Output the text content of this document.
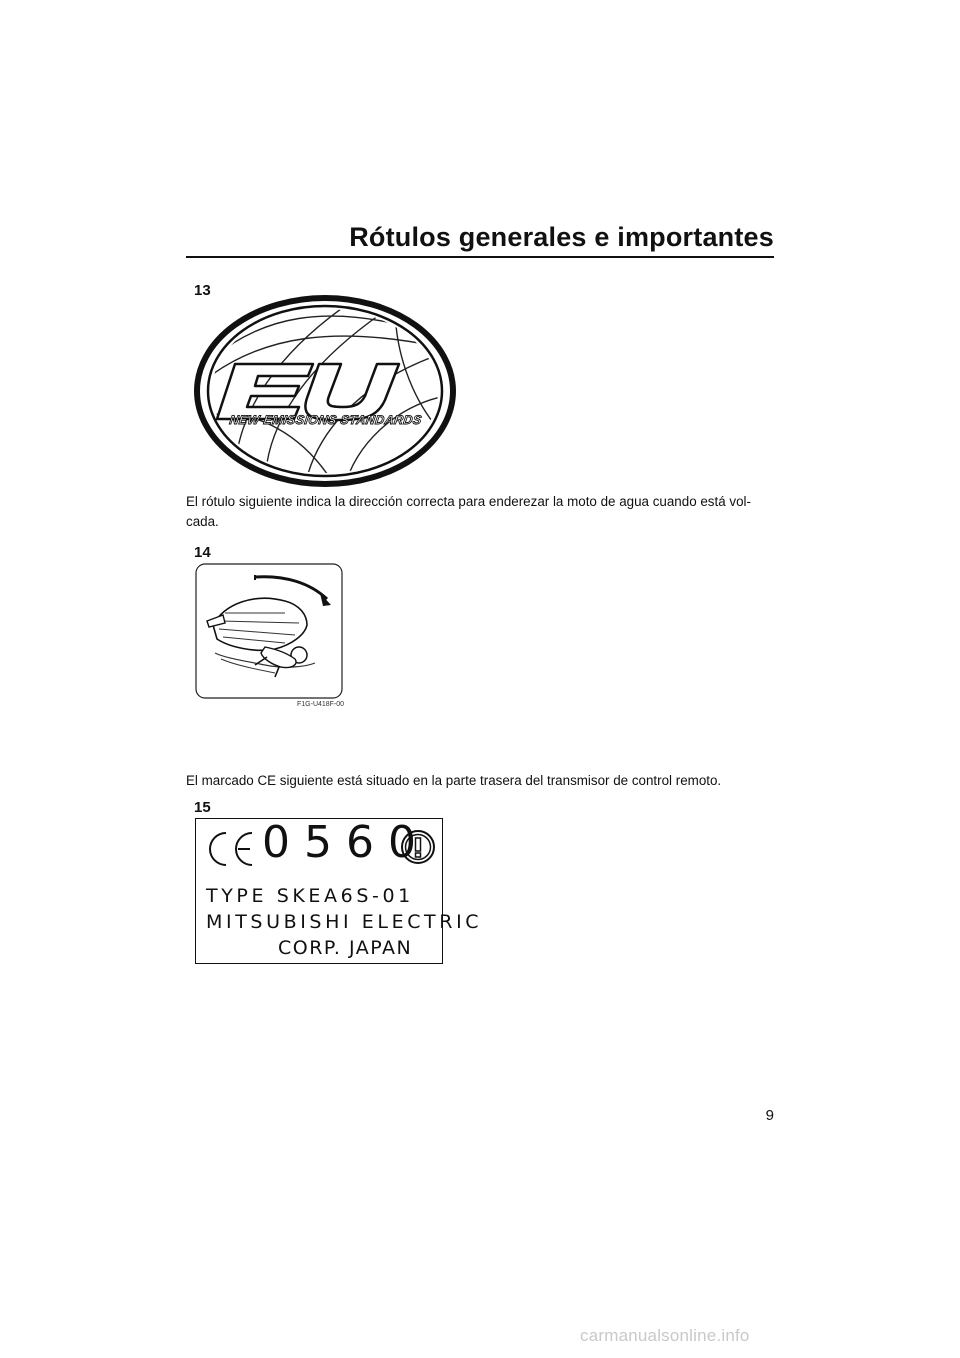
Rótulos generales e importantes
13
NEW EMISSIONS STANDARDS
El rótulo siguiente indica la dirección correcta para enderezar la moto de agua cuando está vol-
cada.
14
F1G-U418F-00
El marcado CE siguiente está situado en la parte trasera del transmisor de control remoto.
15
0560
TYPE SKEA6S-01
MITSUBISHI ELECTRIC
CORP. JAPAN
9
carmanualsonline.info
